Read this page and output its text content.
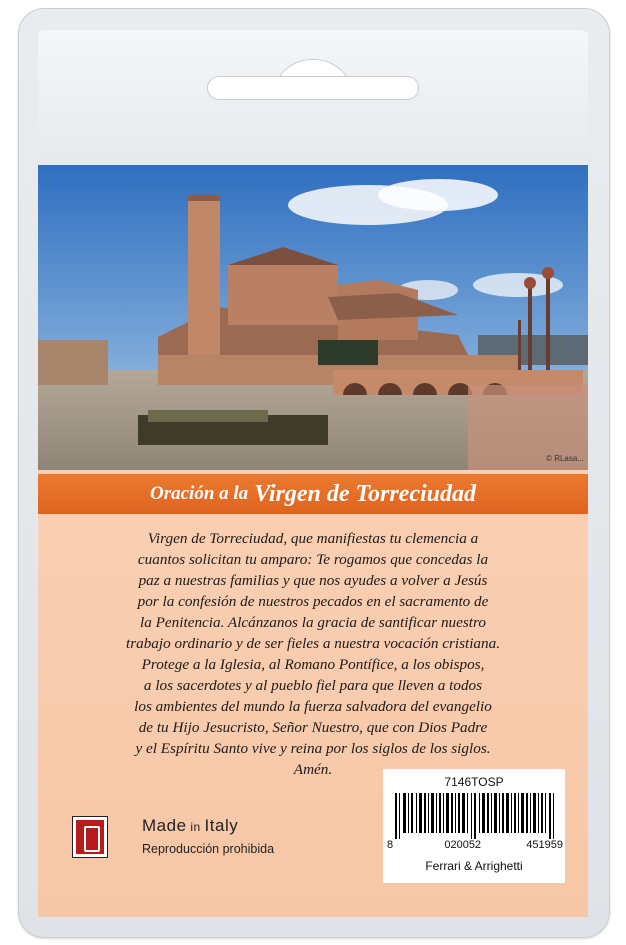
© RLasa...
Oración a la Virgen de Torreciudad
Virgen de Torreciudad, que manifiestas tu clemencia a
cuantos solicitan tu amparo: Te rogamos que concedas la
paz a nuestras familias y que nos ayudes a volver a Jesús
por la confesión de nuestros pecados en el sacramento de
la Penitencia. Alcánzanos la gracia de santificar nuestro
trabajo ordinario y de ser fieles a nuestra vocación cristiana.
Protege a la Iglesia, al Romano Pontífice, a los obispos,
a los sacerdotes y al pueblo fiel para que lleven a todos
los ambientes del mundo la fuerza salvadora del evangelio
de tu Hijo Jesucristo, Señor Nuestro, que con Dios Padre
y el Espíritu Santo vive y reina por los siglos de los siglos.
Amén.
Made in Italy
Reproducción prohibida
7146TOSP
8	020052	451959
Ferrari & Arrighetti
